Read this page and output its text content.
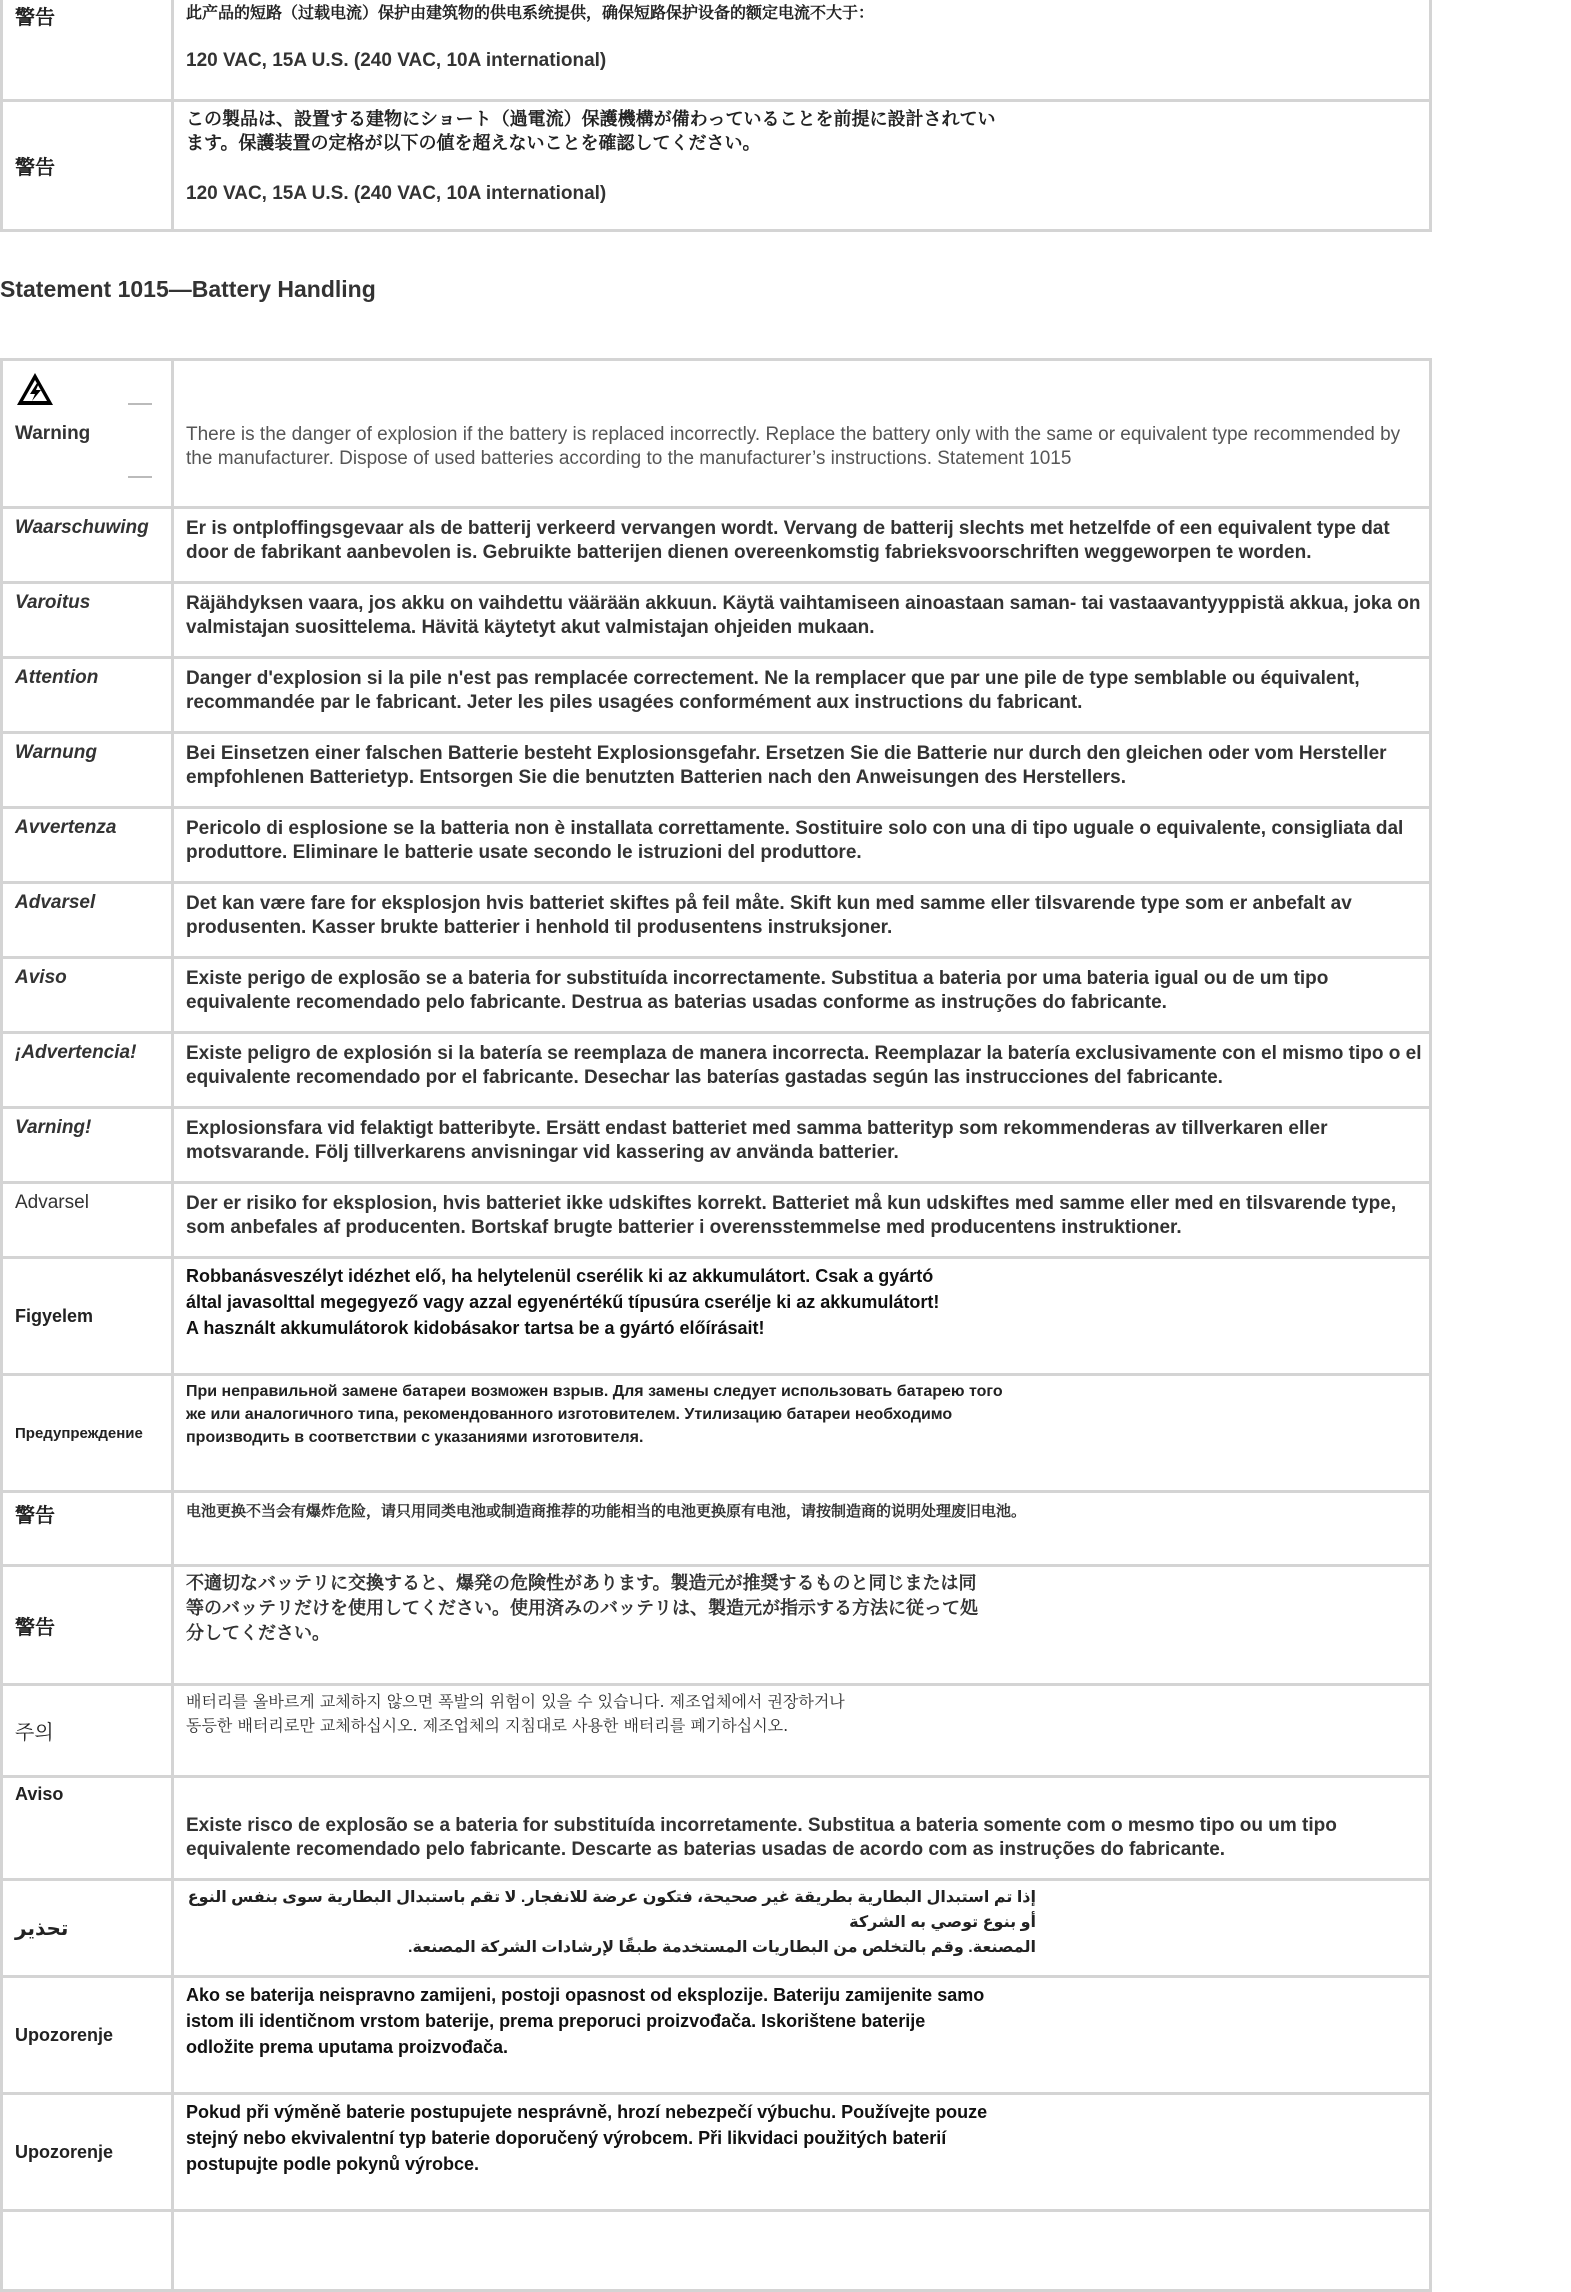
警告	此产品的短路（过载电流）保护由建筑物的供电系统提供，确保短路保护设备的额定电流不大于：
120 VAC, 15A U.S. (240 VAC, 10A international)

警告	この製品は、設置する建物にショート（過電流）保護機構が備わっていることを前提に設計されてい
ます。保護装置の定格が以下の値を超えないことを確認してください。
120 VAC, 15A U.S. (240 VAC, 10A international)
Statement 1015—Battery Handling
Warning	There is the danger of explosion if the battery is replaced incorrectly. Replace the battery only with the same or equivalent type recommended by the manufacturer. Dispose of used batteries according to the manufacturer’s instructions. Statement 1015
Waarschuwing	Er is ontploffingsgevaar als de batterij verkeerd vervangen wordt. Vervang de batterij slechts met hetzelfde of een equivalent type dat door de fabrikant aanbevolen is. Gebruikte batterijen dienen overeenkomstig fabrieksvoorschriften weggeworpen te worden.
Varoitus	Räjähdyksen vaara, jos akku on vaihdettu väärään akkuun. Käytä vaihtamiseen ainoastaan saman- tai vastaavantyyppistä akkua, joka on valmistajan suosittelema. Hävitä käytetyt akut valmistajan ohjeiden mukaan.
Attention	Danger d'explosion si la pile n'est pas remplacée correctement. Ne la remplacer que par une pile de type semblable ou équivalent, recommandée par le fabricant. Jeter les piles usagées conformément aux instructions du fabricant.
Warnung	Bei Einsetzen einer falschen Batterie besteht Explosionsgefahr. Ersetzen Sie die Batterie nur durch den gleichen oder vom Hersteller empfohlenen Batterietyp. Entsorgen Sie die benutzten Batterien nach den Anweisungen des Herstellers.
Avvertenza	Pericolo di esplosione se la batteria non è installata correttamente. Sostituire solo con una di tipo uguale o equivalente, consigliata dal produttore. Eliminare le batterie usate secondo le istruzioni del produttore.
Advarsel	Det kan være fare for eksplosjon hvis batteriet skiftes på feil måte. Skift kun med samme eller tilsvarende type som er anbefalt av produsenten. Kasser brukte batterier i henhold til produsentens instruksjoner.
Aviso	Existe perigo de explosão se a bateria for substituída incorrectamente. Substitua a bateria por uma bateria igual ou de um tipo equivalente recomendado pelo fabricante. Destrua as baterias usadas conforme as instruções do fabricante.
¡Advertencia!	Existe peligro de explosión si la batería se reemplaza de manera incorrecta. Reemplazar la batería exclusivamente con el mismo tipo o el equivalente recomendado por el fabricante. Desechar las baterías gastadas según las instrucciones del fabricante.
Varning!	Explosionsfara vid felaktigt batteribyte. Ersätt endast batteriet med samma batterityp som rekommenderas av tillverkaren eller motsvarande. Följ tillverkarens anvisningar vid kassering av använda batterier.
Advarsel	Der er risiko for eksplosion, hvis batteriet ikke udskiftes korrekt. Batteriet må kun udskiftes med samme eller med en tilsvarende type, som anbefales af producenten. Bortskaf brugte batterier i overensstemmelse med producentens instruktioner.
Figyelem	Robbanásveszélyt idézhet elő, ha helytelenül cserélik ki az akkumulátort. Csak a gyártó
által javasolttal megegyező vagy azzal egyenértékű típusúra cserélje ki az akkumulátort!
A használt akkumulátorok kidobásakor tartsa be a gyártó előírásait!
Предупреждение	При неправильной замене батареи возможен взрыв. Для замены следует использовать батарею того
же или аналогичного типа, рекомендованного изготовителем. Утилизацию батареи необходимо
производить в соответствии с указаниями изготовителя.
警告	电池更换不当会有爆炸危险，请只用同类电池或制造商推荐的功能相当的电池更换原有电池，请按制造商的说明处理废旧电池。
警告	不適切なバッテリに交換すると、爆発の危険性があります。製造元が推奨するものと同じまたは同
等のバッテリだけを使用してください。使用済みのバッテリは、製造元が指示する方法に従って処
分してください。
주의	배터리를 올바르게 교체하지 않으면 폭발의 위험이 있을 수 있습니다. 제조업체에서 권장하거나
동등한 배터리로만 교체하십시오. 제조업체의 지침대로 사용한 배터리를 폐기하십시오.
Aviso	Existe risco de explosão se a bateria for substituída incorretamente. Substitua a bateria somente com o mesmo tipo ou um tipo
equivalente recomendado pelo fabricante. Descarte as baterias usadas de acordo com as instruções do fabricante.
تحذير	إذا تم استبدال البطارية بطريقة غير صحيحة، فتكون عرضة للانفجار. لا تقم باستبدال البطارية سوى بنفس النوع أو بنوع توصي به الشركة
المصنعة. وقم بالتخلص من البطاريات المستخدمة طبقًا لإرشادات الشركة المصنعة.

Upozorenje	Ako se baterija neispravno zamijeni, postoji opasnost od eksplozije. Bateriju zamijenite samo
istom ili identičnom vrstom baterije, prema preporuci proizvođača. Iskorištene baterije
odložite prema uputama proizvođača.
Upozorenje	Pokud při výměně baterie postupujete nesprávně, hrozí nebezpečí výbuchu. Používejte pouze
stejný nebo ekvivalentní typ baterie doporučený výrobcem. Při likvidaci použitých baterií
postupujte podle pokynů výrobce.
